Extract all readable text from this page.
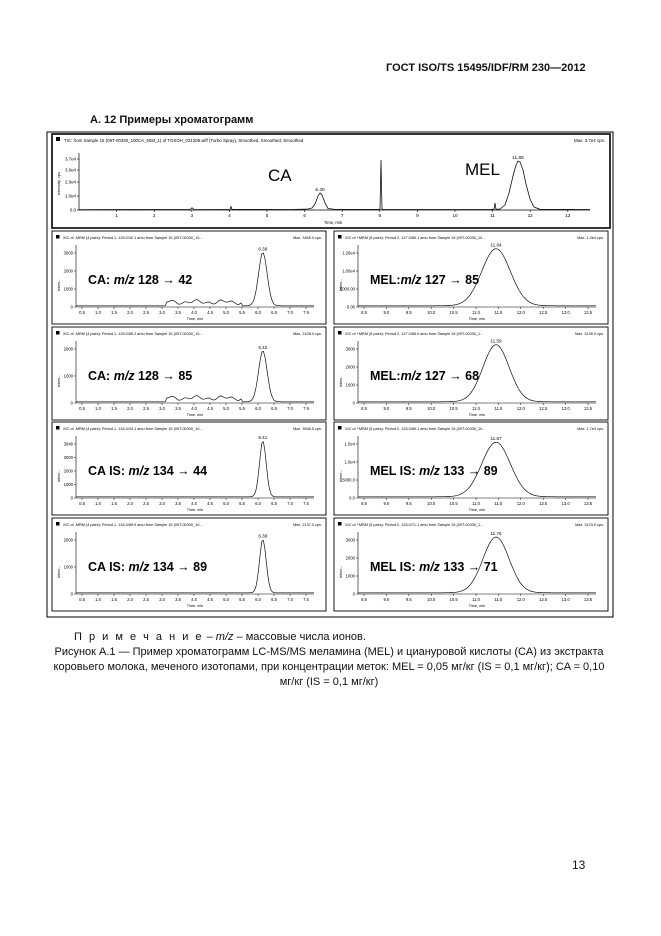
ГОСТ ISO/TS 15495/IDF/RM 230—2012
А. 12 Примеры хроматограмм
TIC: from Sample 15 (09T-00330_100CA_50M_1) of TOSOH_021209.wiff (Turbo Spray), Smoothed, Smoothed, Smoothed	Max. 3.7e4 cps.
3.7e4
3.0e4
2.0e4
1.0e4
0.0
1	2	3	4	5	6	7	8	9	10	11	12	13
Intensity, cps
Time, min
CA	MEL
6.40
11.65
XIC of -MRM (4 pairs): Period 1, 128.0/42.1 amu from Sample 15 (09T-00330_10...	Max. 3465.0 cps.
3000
2000
1000
0
0.5 1.0 1.5 2.0 2.5 3.0 3.5 4.0 4.5 5.0 5.5 6.0 6.5 7.0 7.5
Time, min
Inten...
6.39
CA: m/z 128 → 42
XIC of +MRM (5 pairs): Period 2, 127.0/85.1 amu from Sample 15 (09T-00330_10...	Max. 1.3e4 cps.
1.26e4
1.00e4
5000.00
0.00
8.5	9.0	9.5	10.0	10.5	11.0	11.5	12.0	12.5	13.0	13.5
Time, min
Inten...
11.64
MEL:m/z 127 → 85
XIC of -MRM (4 pairs): Period 1, 128.0/85.2 amu from Sample 15 (09T-00330_10...	Max. 2108.0 cps.
2000
1000
0
0.5 1.0 1.5 2.0 2.5 3.0 3.5 4.0 4.5 5.0 5.5 6.0 6.5 7.0 7.5
Time, min
Inten...
6.42
CA: m/z 128 → 85
XIC of +MRM (5 pairs): Period 2, 127.0/68.0 amu from Sample 15 (09T-00330_1...	Max. 3135.0 cps.
3000
2000
1000
0
8.5	9.0	9.5	10.0	10.5	11.0	11.5	12.0	12.5	13.0	13.5
Time, min
Inten...
11.59
MEL:m/z 127 → 68
XIC of -MRM (4 pairs): Period 1, 134.0/44.1 amu from Sample 15 (09T-00330_10...	Max. 3946.5 cps.
3946
3000
2000
1000
0
0.5 1.0 1.5 2.0 2.5 3.0 3.5 4.0 4.5 5.0 5.5 6.0 6.5 7.0 7.5
Time, min
Inten...
6.41
CA IS: m/z 134 → 44
XIC of +MRM (5 pairs): Period 2, 133.0/89.1 amu from Sample 15 (09T-00330_10...	Max. 1.7e4 cps.
1.5e4
1.0e4
5000.0
0.0
8.5	9.0	9.5	10.0	10.5	11.0	11.5	12.0	12.5	13.0	13.5
Time, min
Inten...
11.67
MEL IS: m/z 133 → 89
XIC of -MRM (4 pairs): Period 1, 134.0/89.9 amu from Sample 15 (09T-00330_10...	Max. 2137.0 cps.
2000
1000
0
0.5 1.0 1.5 2.0 2.5 3.0 3.5 4.0 4.5 5.0 5.5 6.0 6.5 7.0 7.5
Time, min
Inten...
6.39
CA IS: m/z 134 → 89
XIC of +MRM (5 pairs): Period 2, 133.0/71.1 amu from Sample 15 (09T-00330_1...	Max. 3123.0 cps.
3000
2000
1000
0
8.5	9.0	9.5	10.0	10.5	11.0	11.5	12.0	12.5	13.0	13.5
Time, min
Inten...
11.76
MEL IS: m/z 133 → 71
П р и м е ч а н и е – m/z – массовые числа ионов.
Рисунок А.1 — Пример хроматограмм LC-MS/MS меламина (MEL) и циануровой кислоты (CA) из экстракта коровьего молока, меченого изотопами, при концентрации меток: MEL = 0,05 мг/кг (IS = 0,1 мг/кг); CA = 0,10 мг/кг (IS = 0,1 мг/кг)
13
